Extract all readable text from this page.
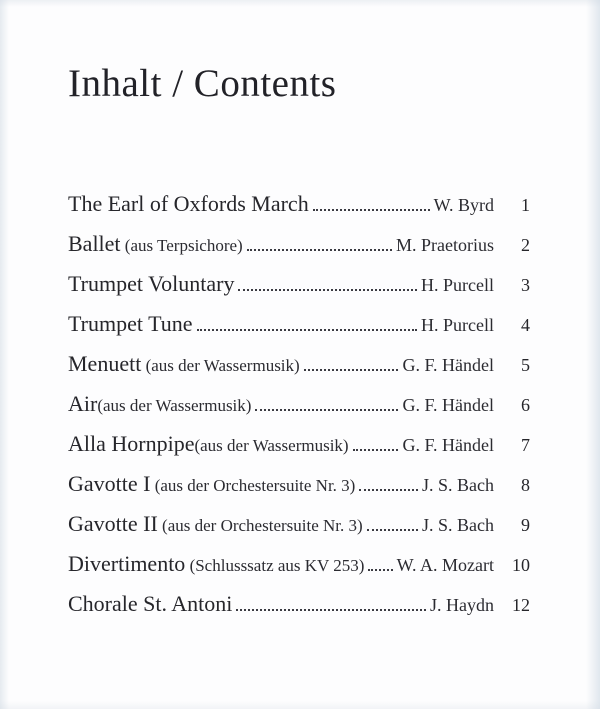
Inhalt / Contents
The Earl of Oxfords March	W. Byrd	1
Ballet (aus Terpsichore)	M. Praetorius	2
Trumpet Voluntary	H. Purcell	3
Trumpet Tune	H. Purcell	4
Menuett (aus der Wassermusik)	G. F. Händel	5
Air(aus der Wassermusik)	G. F. Händel	6
Alla Hornpipe(aus der Wassermusik)	G. F. Händel	7
Gavotte I (aus der Orchestersuite Nr. 3)	J. S. Bach	8
Gavotte II (aus der Orchestersuite Nr. 3)	J. S. Bach	9
Divertimento (Schlusssatz aus KV 253) W. A. Mozart	10
Chorale St. Antoni	J. Haydn	12
